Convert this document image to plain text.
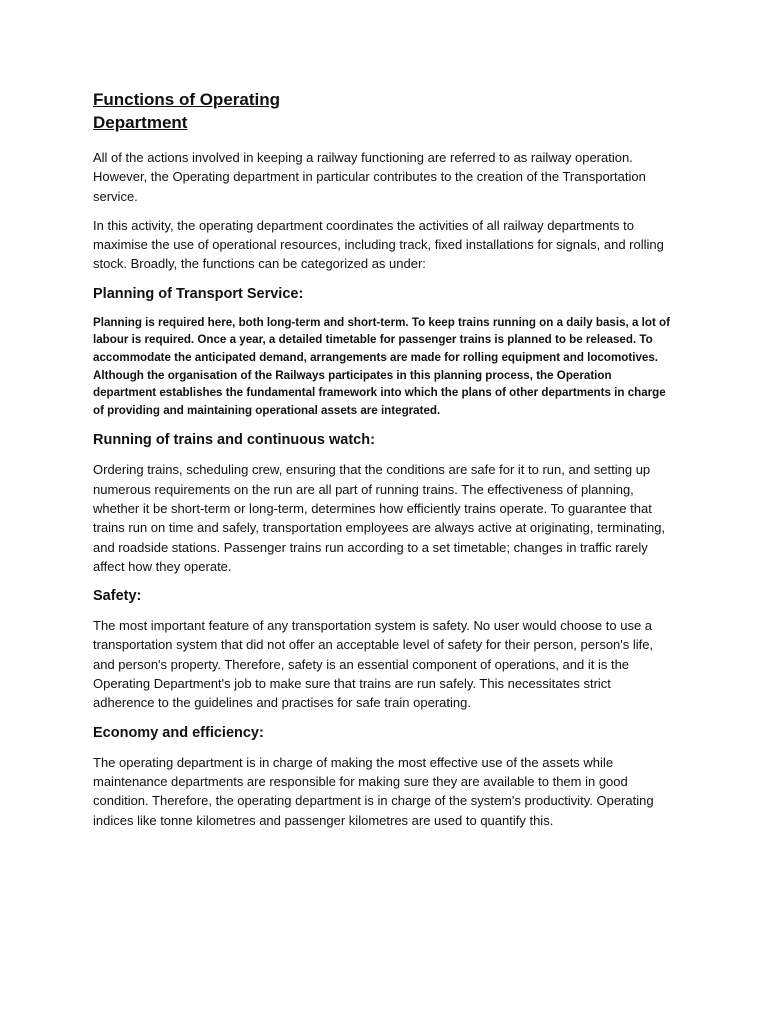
Functions of Operating
Department

All of the actions involved in keeping a railway functioning are referred to as railway operation. However, the Operating department in particular contributes to the creation of the Transportation service.

In this activity, the operating department coordinates the activities of all railway departments to maximise the use of operational resources, including track, fixed installations for signals, and rolling stock. Broadly, the functions can be categorized as under:

Planning of Transport Service:

Planning is required here, both long-term and short-term. To keep trains running on a daily basis, a lot of labour is required. Once a year, a detailed timetable for passenger trains is planned to be released. To accommodate the anticipated demand, arrangements are made for rolling equipment and locomotives. Although the organisation of the Railways participates in this planning process, the Operation department establishes the fundamental framework into which the plans of other departments in charge of providing and maintaining operational assets are integrated.

Running of trains and continuous watch:

Ordering trains, scheduling crew, ensuring that the conditions are safe for it to run, and setting up numerous requirements on the run are all part of running trains. The effectiveness of planning, whether it be short-term or long-term, determines how efficiently trains operate. To guarantee that trains run on time and safely, transportation employees are always active at originating, terminating, and roadside stations. Passenger trains run according to a set timetable; changes in traffic rarely affect how they operate.

Safety:

The most important feature of any transportation system is safety. No user would choose to use a transportation system that did not offer an acceptable level of safety for their person, person's life, and person's property. Therefore, safety is an essential component of operations, and it is the Operating Department's job to make sure that trains are run safely. This necessitates strict adherence to the guidelines and practises for safe train operating.

Economy and efficiency:

The operating department is in charge of making the most effective use of the assets while maintenance departments are responsible for making sure they are available to them in good condition. Therefore, the operating department is in charge of the system's productivity. Operating indices like tonne kilometres and passenger kilometres are used to quantify this.
